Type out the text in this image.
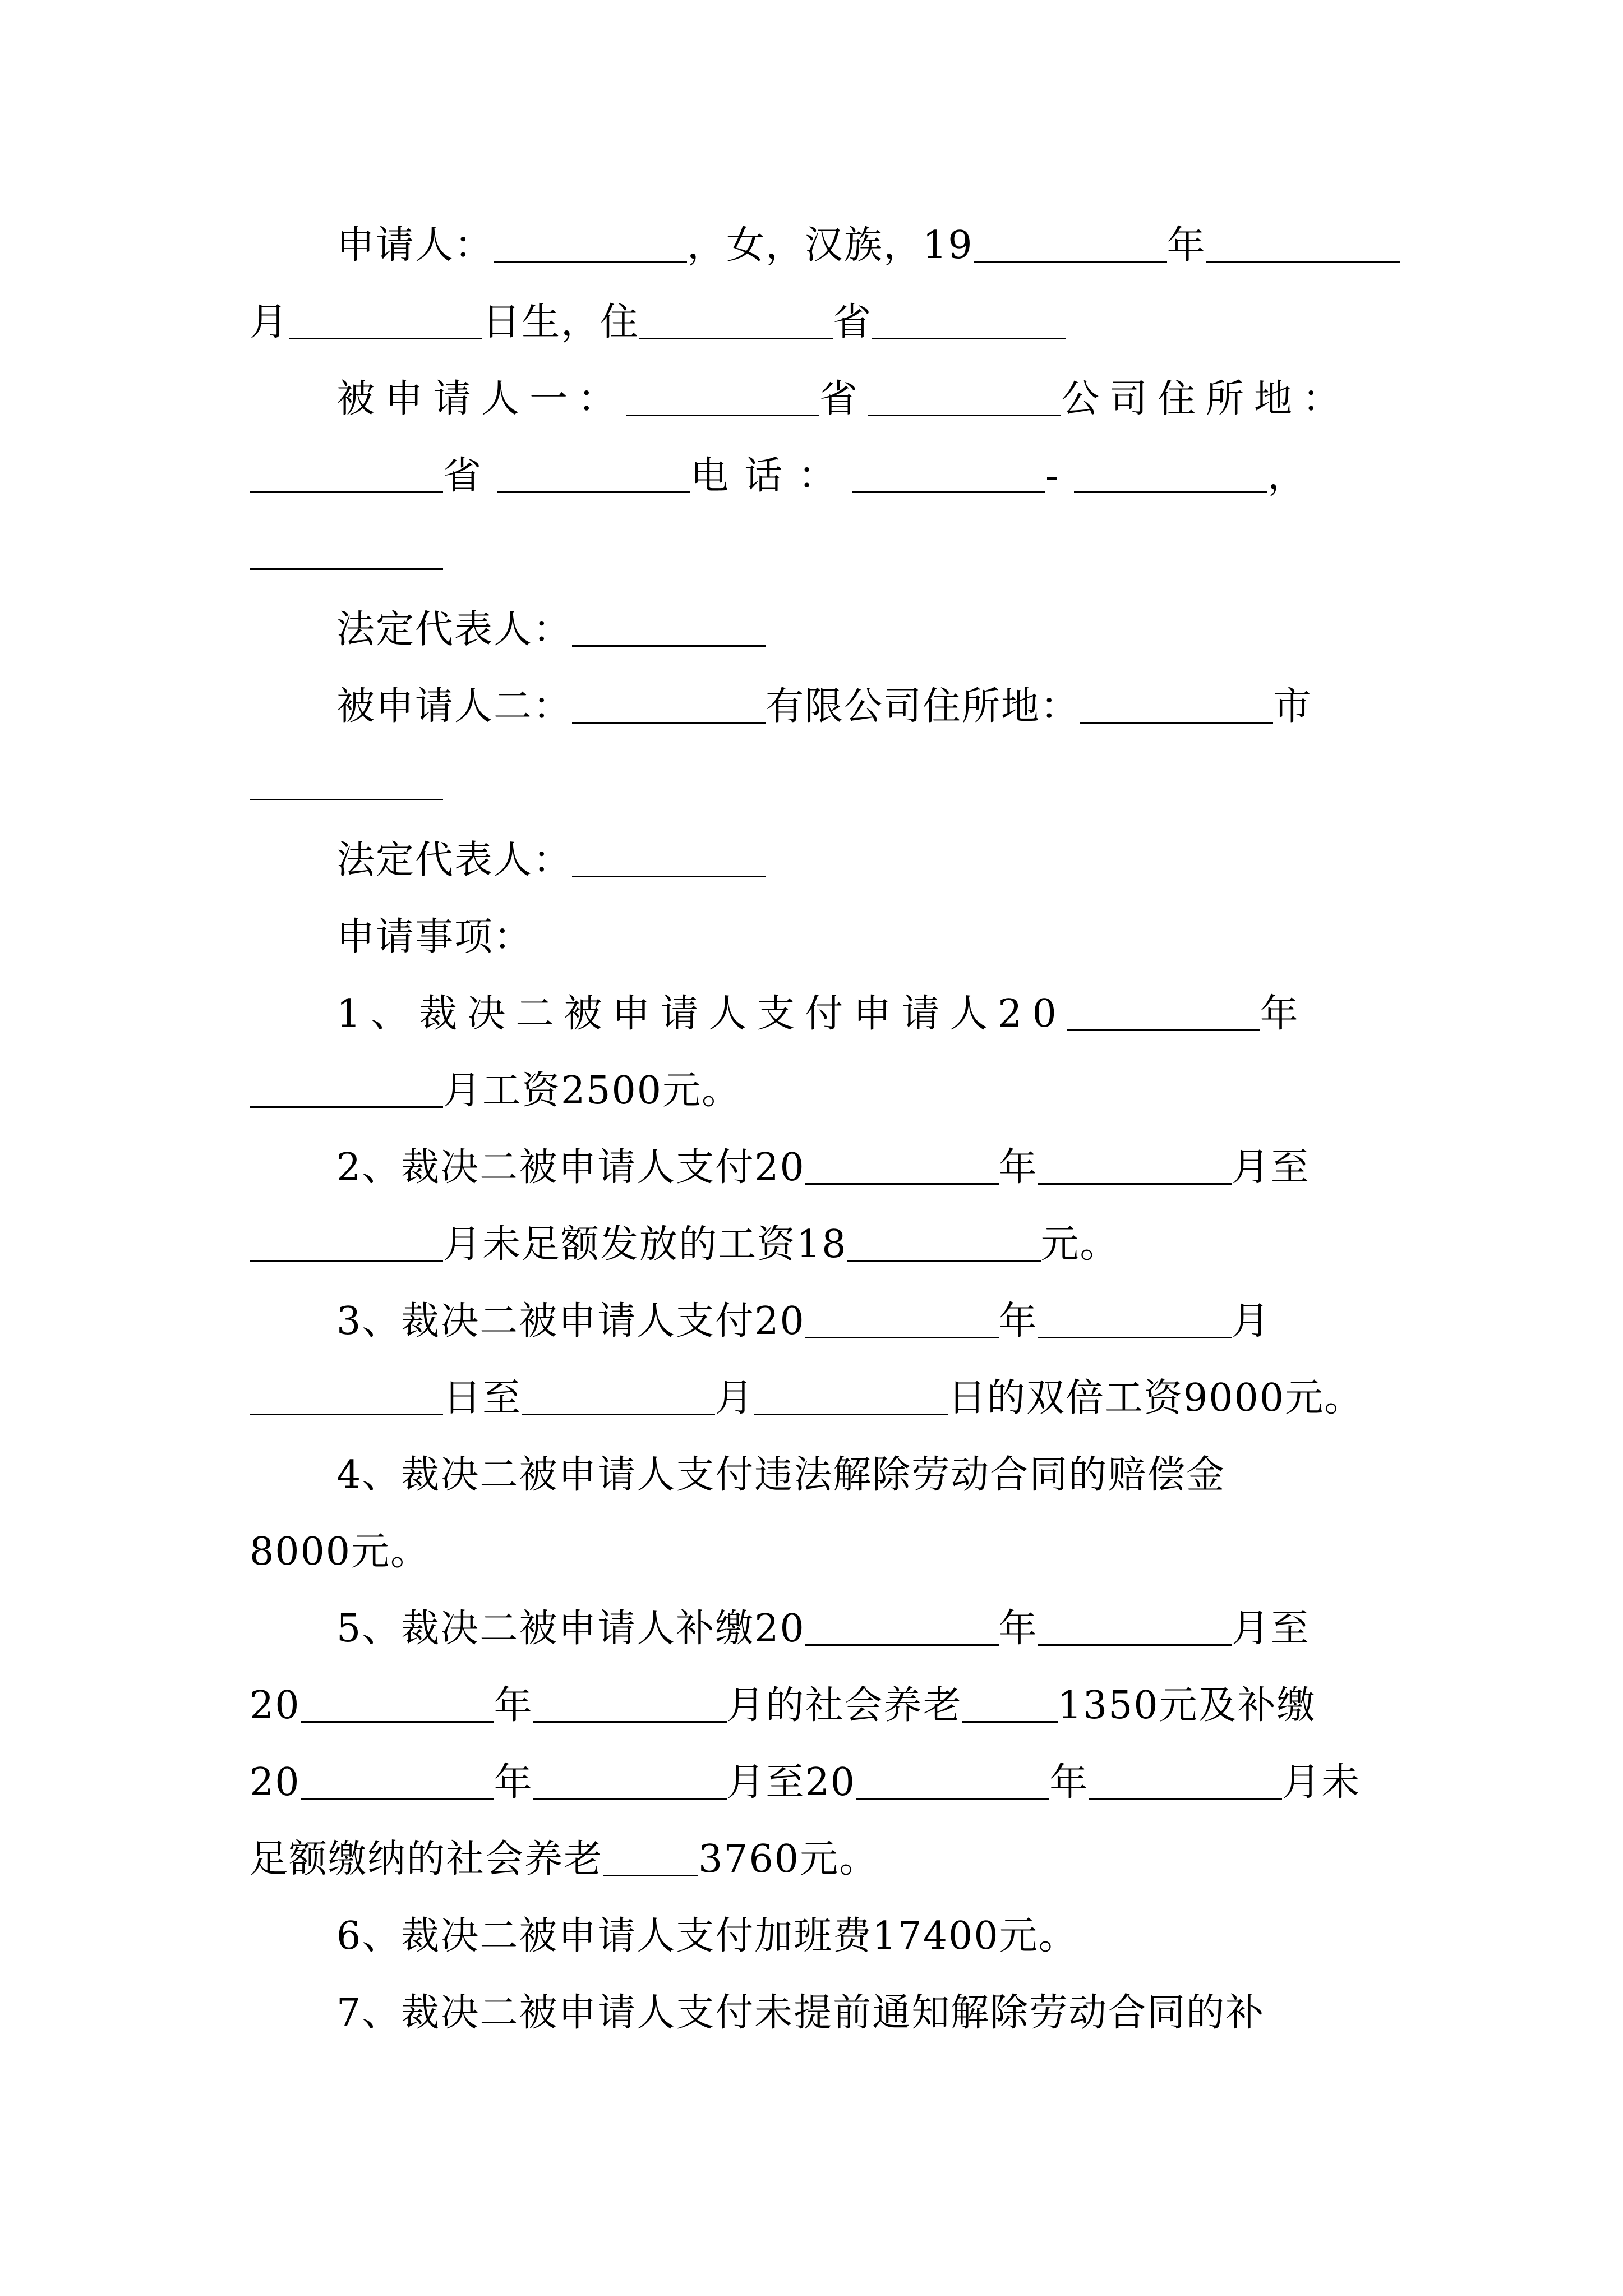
申请人：	，女，汉族，19	年
月	日生，住	省
被申请人一：	省	公司住所地：
省	电话：	-	，
法定代表人：
被申请人二：	有限公司住所地：	市
法定代表人：
申请事项：
1、裁决二被申请人支付申请人20	年
月工资2500元。
2、裁决二被申请人支付20	年	月至
月未足额发放的工资18	元。
3、裁决二被申请人支付20	年	月
日至	月	日的双倍工资9000元。
4、裁决二被申请人支付违法解除劳动合同的赔偿金
8000元。
5、裁决二被申请人补缴20	年	月至
20	年	月的社会养老	1350元及补缴
20	年	月至20	年	月未
足额缴纳的社会养老	3760元。
6、裁决二被申请人支付加班费17400元。
7、裁决二被申请人支付未提前通知解除劳动合同的补
